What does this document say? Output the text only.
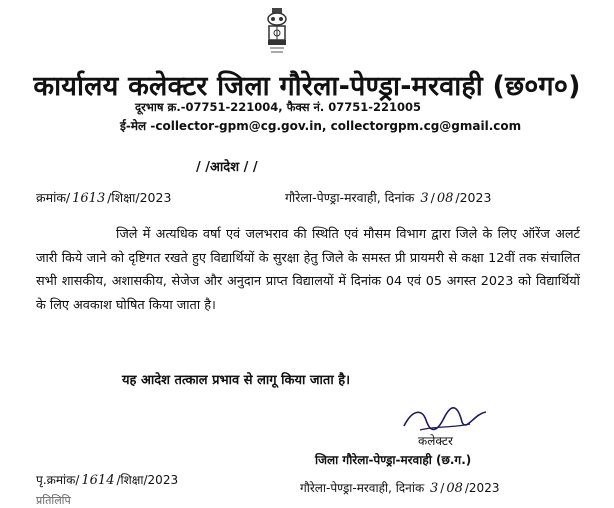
कार्यालय कलेक्टर जिला गौरेला-पेण्ड्रा-मरवाही (छ०ग०)
दूरभाष क्र.-07751-221004, फैक्स नं. 07751-221005
ई-मेल -collector-gpm@cg.gov.in, collectorgpm.cg@gmail.com
/ /आदेश / /
क्रमांक/ 1613 /शिक्षा/2023	गौरेला-पेण्ड्रा-मरवाही, दिनांक 3 / 08 /2023
जिले में अत्यधिक वर्षा एवं जलभराव की स्थिति एवं मौसम विभाग द्वारा जिले के लिए ऑरेंज अलर्ट जारी किये जाने को दृष्टिगत रखते हुए विद्यार्थियों के सुरक्षा हेतु जिले के समस्त प्री प्रायमरी से कक्षा 12वीं तक संचालित सभी शासकीय, अशासकीय, सेजेज और अनुदान प्राप्त विद्यालयों में दिनांक 04 एवं 05 अगस्त 2023 को विद्यार्थियों के लिए अवकाश घोषित किया जाता है।
यह आदेश तत्काल प्रभाव से लागू किया जाता है।
कलेक्टर
जिला गौरेला-पेण्ड्रा-मरवाही (छ.ग.)
पृ.क्रमांक/ 1614 /शिक्षा/2023
गौरेला-पेण्ड्रा-मरवाही, दिनांक 3 / 08 /2023
प्रतिलिपि
